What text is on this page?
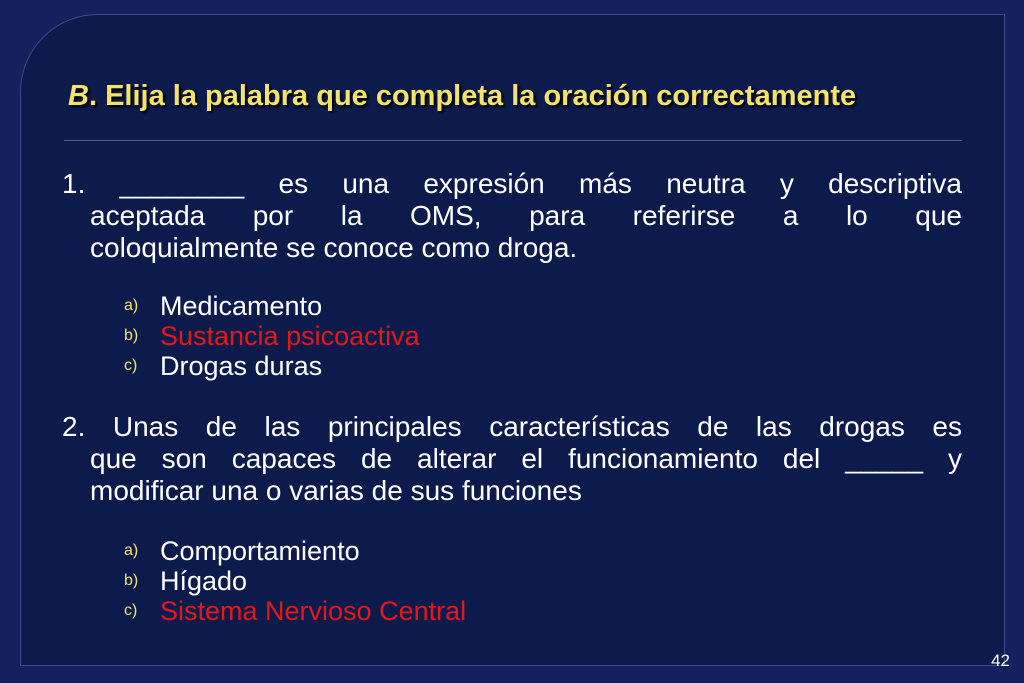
B. Elija la palabra que completa la oración correctamente
1. ________ es una expresión más neutra y descriptiva
aceptada por la OMS, para referirse a lo que
coloquialmente se conoce como droga.
a) Medicamento
b) Sustancia psicoactiva
c) Drogas duras
2. Unas de las principales características de las drogas es
que son capaces de alterar el funcionamiento del _____ y
modificar una o varias de sus funciones
a) Comportamiento
b) Hígado
c) Sistema Nervioso Central
42
